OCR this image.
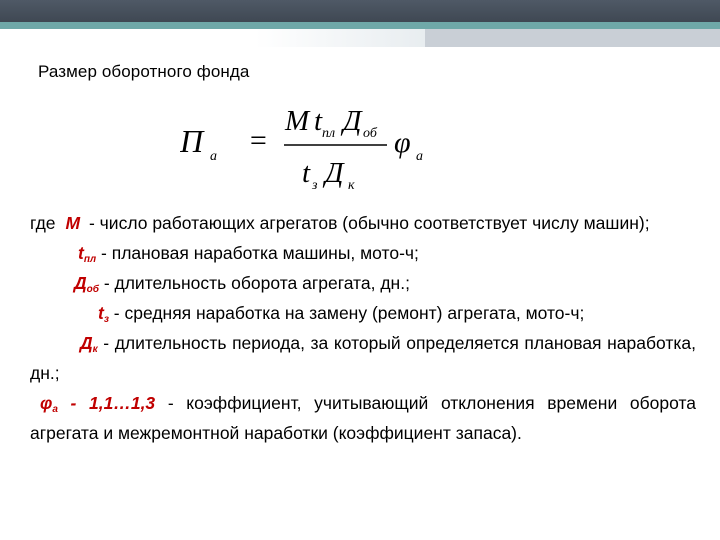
Размер оборотного фонда
П а =
M t пл Д об
t з Д к
φ а

где М - число работающих агрегатов (обычно соответствует числу машин);

$t_{пл}$ - плановая наработка машины, мото-ч;

$Д_{об}$ - длительность оборота агрегата, дн.;

$t_з$ - средняя наработка на замену (ремонт) агрегата, мото-ч;

$Д_к$ - длительность периода, за который определяется плановая наработка, дн.;

$\varphi_а$ - 1,1…1,3 - коэффициент, учитывающий отклонения времени оборота агрегата и межремонтной наработки (коэффициент запаса).
